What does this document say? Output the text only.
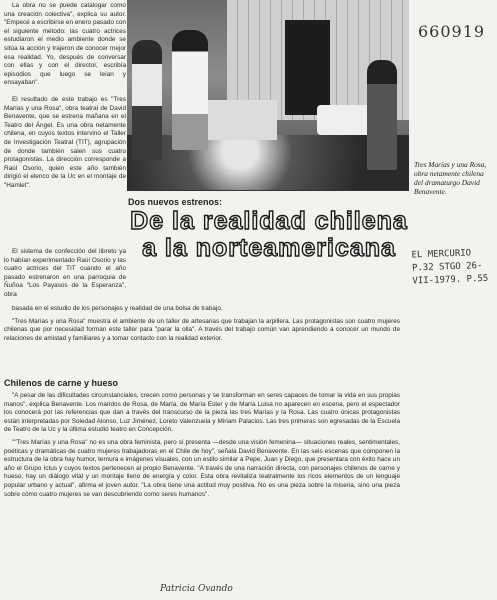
La obra no se puede catalogar como una creación colectiva", explica su autor. "Empecé a escribirse en enero pasado con el siguiente método: las cuatro actrices estudiaron el medio ambiente donde se sitúa la acción y trajeron de conocer mejor esa realidad. Yo, después de conversar con ellas y con el director, escribía episodios que luego se leían y ensayaban".

El resultado de este trabajo es "Tres Marías y una Rosa", obra teatral de David Benavente, que se estrena mañana en el Teatro del Ángel. Es una obra netamente chilena, en cuyos textos intervino el Taller de Investigación Teatral (TIT), agrupación de donde también salen sus cuatro protagonistas. La dirección corresponde a Raúl Osorio, quien este año también dirigió el elenco de la Uc en el montaje de "Hamlet".

660919
Tres Marías y una Rosa, obra netamente chilena del dramaturgo David Benavente.
Dos nuevos estrenos:
De la realidad chilena a la norteamericana	EL MERCURIO P.32 STGO 26-VII-1979. P.55

El sistema de confección del libreto ya lo habían experimentado Raúl Osorio y las cuatro actrices del TIT cuando el año pasado estrenaron en una parroquia de Ñuñoa "Los Payasos de la Esperanza", obra

basada en el estudio de los personajes y realidad de una bolsa de trabajo.

"Tres Marías y una Rosa" muestra el ambiente de un taller de artesanas que trabajan la arpillera. Las protagonistas son cuatro mujeres chilenas que por necesidad forman este taller para "parar la olla". A través del trabajo común van aprendiendo a conocer un mundo de relaciones de amistad y familiares y a tomar contacto con la realidad exterior.

Chilenos de carne y hueso

"A pesar de las dificultades circunstanciales, crecen como personas y se transforman en seres capaces de tomar la vida en sus propias manos", explica Benavente. Los maridos de Rosa, de María, de María Ester y de María Luisa no aparecen en escena, pero el espectador los conocerá por las referencias que dan a través del transcurso de la pieza las tres Marías y la Rosa. Las cuatro únicas protagonistas están interpretadas por Soledad Alonso, Luz Jiménez, Loreto Valenzuela y Miriam Palacios. Las tres primeras son egresadas de la Escuela de Teatro de la Uc y la última estudió teatro en Concepción.

""Tres Marías y una Rosa" no es una obra feminista, pero sí presenta —desde una visión femenina— situaciones reales, sentimentales, poéticas y dramáticas de cuatro mujeres trabajadoras en el Chile de hoy", señala David Benavente. En las seis escenas que componen la estructura de la obra hay humor, ternura e imágenes visuales, con un estilo similar a Pepe, Juan y Diego, que presentara con éxito hace un año el Grupo Ictus y cuyos textos pertenecen al propio Benavente. "A través de una narración directa, con personajes chilenos de carne y hueso, hay un diálogo vital y un montaje lleno de energía y color. Esta obra revitaliza teatralmente los ricos elementos de un lenguaje popular urbano y actual", afirma el joven autor. "La obra tiene una actitud muy positiva. No es una pieza sobre la miseria, sino una pieza sobre cómo cuatro mujeres se van descubriendo como seres humanos".

Patricia Ovando
